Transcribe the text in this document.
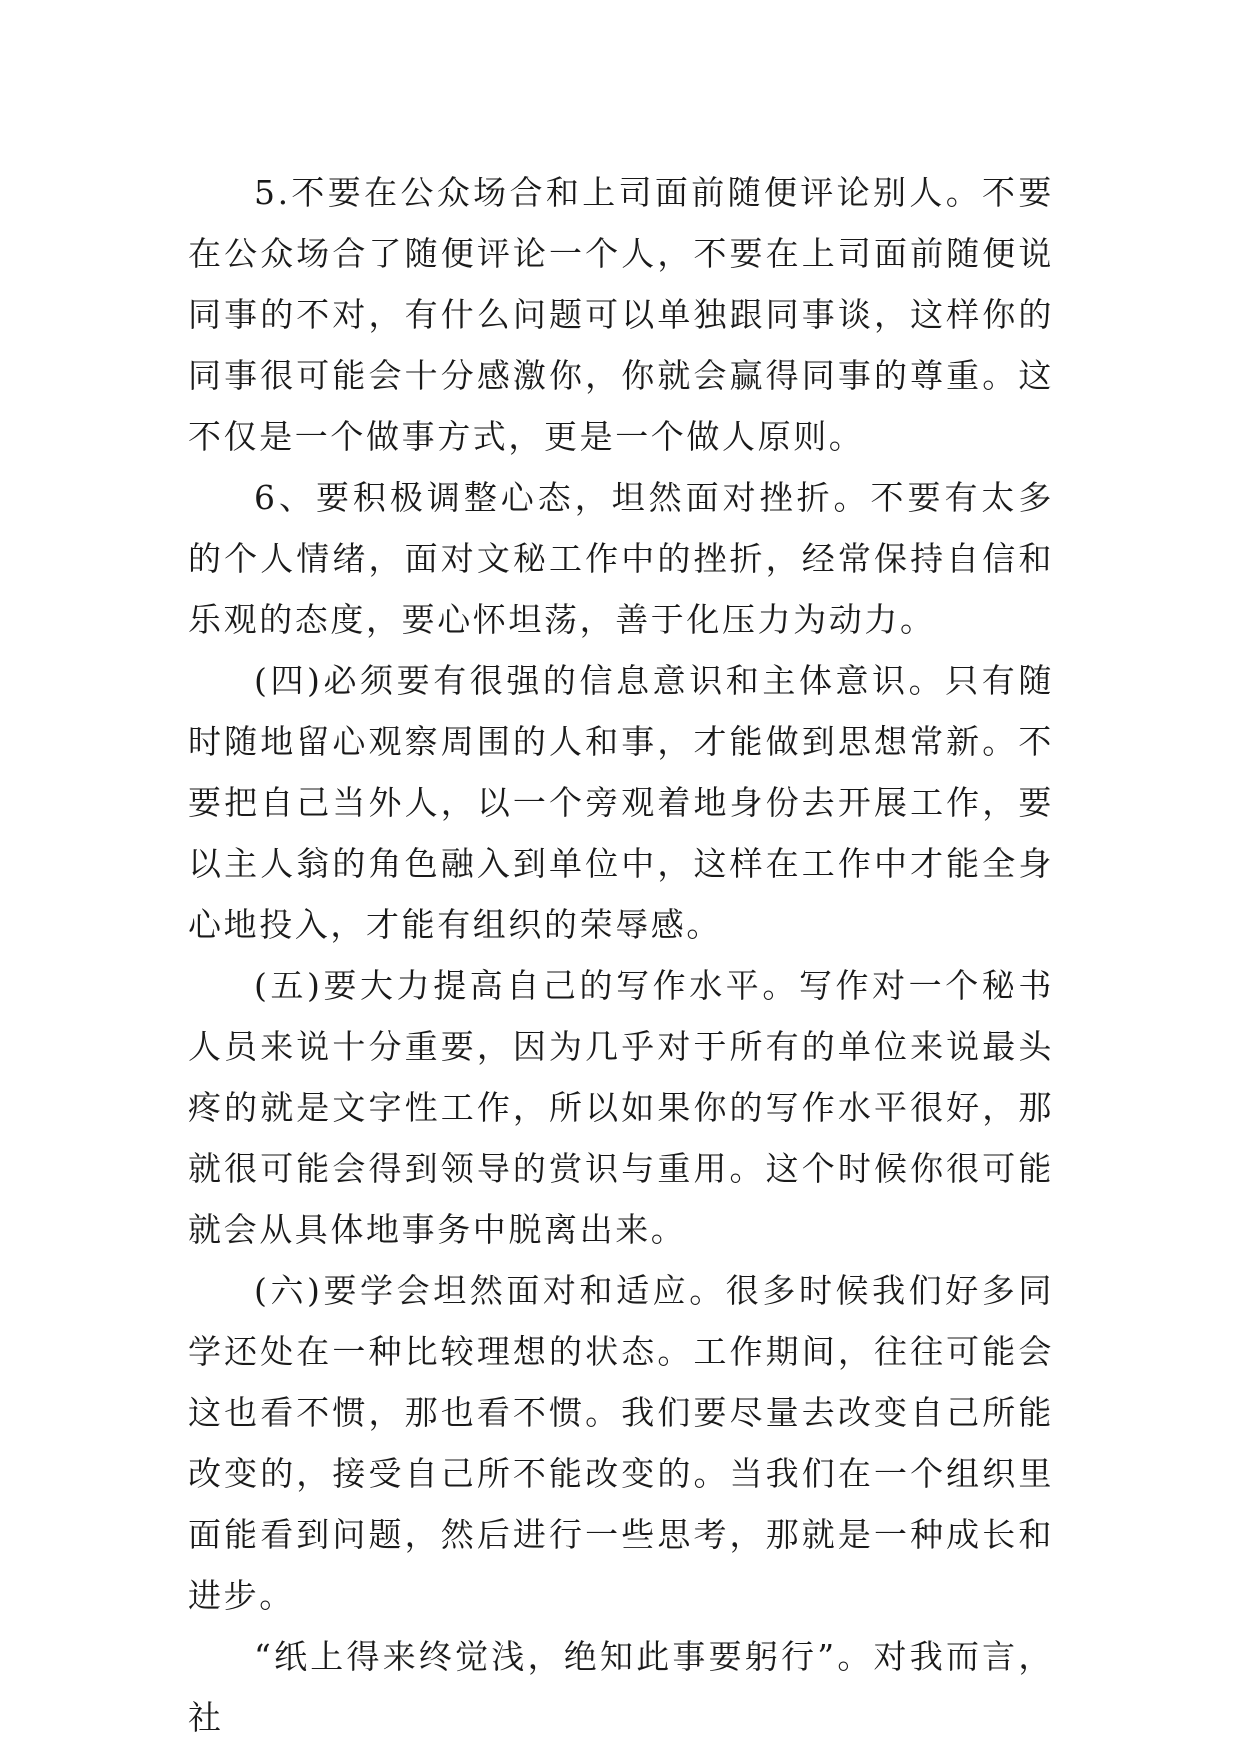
5.不要在公众场合和上司面前随便评论别人。不要在公众场合了随便评论一个人，不要在上司面前随便说同事的不对，有什么问题可以单独跟同事谈，这样你的同事很可能会十分感激你，你就会赢得同事的尊重。这不仅是一个做事方式，更是一个做人原则。

6、要积极调整心态，坦然面对挫折。不要有太多的个人情绪，面对文秘工作中的挫折，经常保持自信和乐观的态度，要心怀坦荡，善于化压力为动力。

(四)必须要有很强的信息意识和主体意识。只有随时随地留心观察周围的人和事，才能做到思想常新。不要把自己当外人，以一个旁观着地身份去开展工作，要以主人翁的角色融入到单位中，这样在工作中才能全身心地投入，才能有组织的荣辱感。

(五)要大力提高自己的写作水平。写作对一个秘书人员来说十分重要，因为几乎对于所有的单位来说最头疼的就是文字性工作，所以如果你的写作水平很好，那就很可能会得到领导的赏识与重用。这个时候你很可能就会从具体地事务中脱离出来。

(六)要学会坦然面对和适应。很多时候我们好多同学还处在一种比较理想的状态。工作期间，往往可能会这也看不惯，那也看不惯。我们要尽量去改变自己所能改变的，接受自己所不能改变的。当我们在一个组织里面能看到问题，然后进行一些思考，那就是一种成长和进步。

“纸上得来终觉浅，绝知此事要躬行”。对我而言，社
